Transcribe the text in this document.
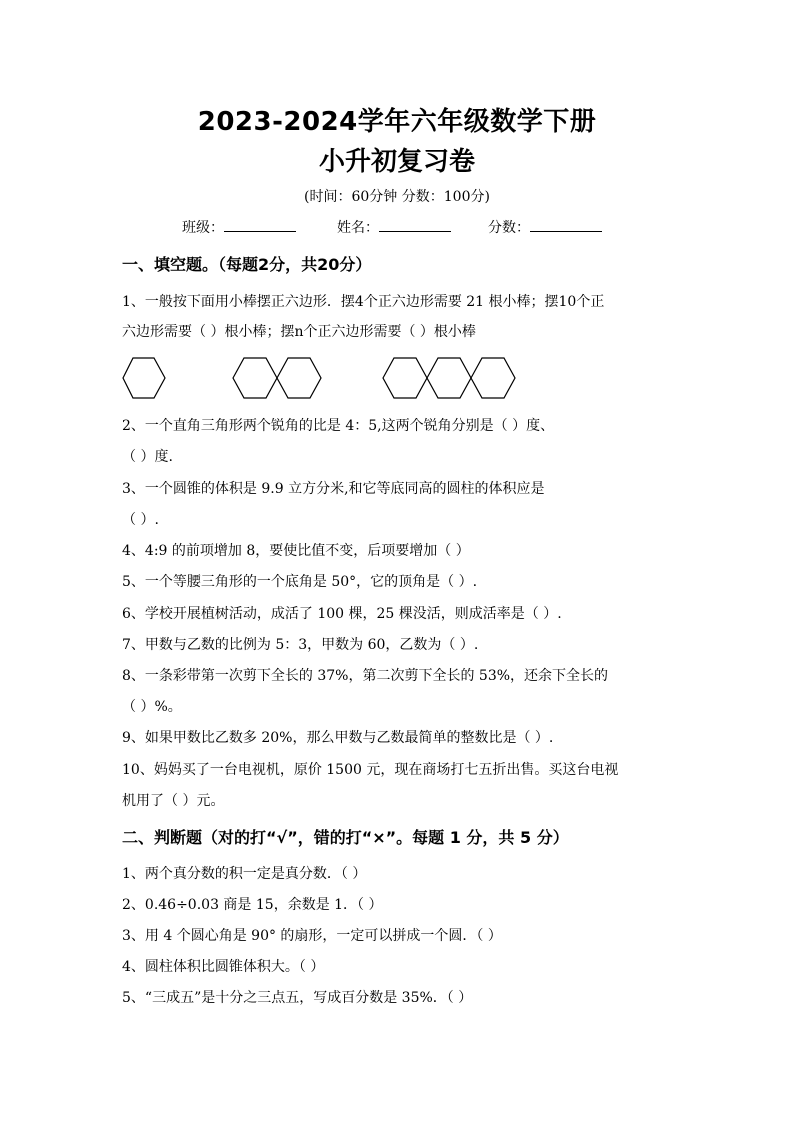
2023-2024学年六年级数学下册
小升初复习卷
(时间：60分钟 分数：100分)
班级：	姓名：	分数：
一、填空题。（每题2分，共20分）
1、一般按下面用小棒摆正六边形．摆4个正六边形需要 21 根小棒；摆10个正
六边形需要（ ）根小棒；摆n个正六边形需要（ ）根小棒
2、一个直角三角形两个锐角的比是 4：5,这两个锐角分别是（ ）度、
（ ）度.
3、一个圆锥的体积是 9.9 立方分米,和它等底同高的圆柱的体积应是
（ ）.
4、4:9 的前项增加 8，要使比值不变，后项要增加（ ）
5、一个等腰三角形的一个底角是 50°，它的顶角是（ ）.
6、学校开展植树活动，成活了 100 棵，25 棵没活，则成活率是（ ）.
7、甲数与乙数的比例为 5：3，甲数为 60，乙数为（ ）.
8、一条彩带第一次剪下全长的 37%，第二次剪下全长的 53%，还余下全长的
（ ）%。
9、如果甲数比乙数多 20%，那么甲数与乙数最简单的整数比是（ ）.
10、妈妈买了一台电视机，原价 1500 元，现在商场打七五折出售。买这台电视
机用了（ ）元。
二、判断题（对的打“√”，错的打“×”。每题 1 分，共 5 分）
1、两个真分数的积一定是真分数．（ ）
2、0.46÷0.03 商是 15，余数是 1．（ ）
3、用 4 个圆心角是 90° 的扇形，一定可以拼成一个圆．（ ）
4、圆柱体积比圆锥体积大。（ ）
5、“三成五”是十分之三点五，写成百分数是 35%．（ ）
